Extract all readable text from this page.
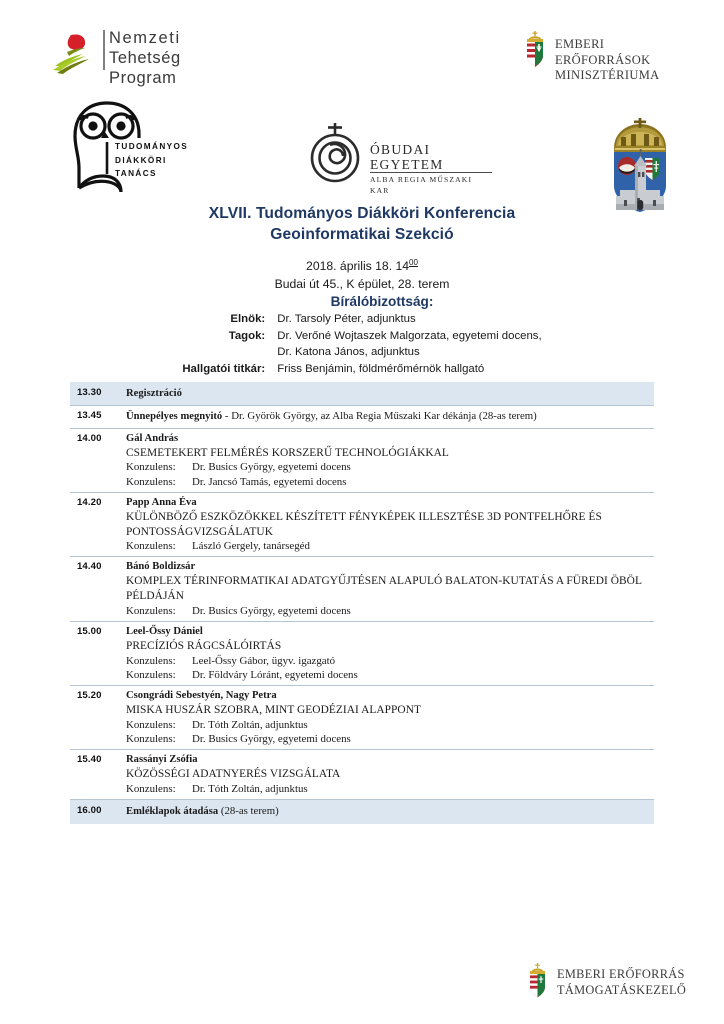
Nemzeti
Tehetség Program
EMBERI ERŐFORRÁSOK
MINISZTÉRIUMA
TUDOMÁNYOS
DIÁKKÖRI
TANÁCS
ÓBUDAI EGYETEM
ALBA REGIA MŰSZAKI KAR
XLVII. Tudományos Diákköri Konferencia
Geoinformatikai Szekció
2018. április 18. $14^{00}$
Budai út 45., K épület, 28. terem
Bírálóbizottság:
Elnök:	Dr. Tarsoly Péter, adjunktus
Tagok:	Dr. Verőné Wojtaszek Malgorzata, egyetemi docens,
	Dr. Katona János, adjunktus
Hallgatói titkár:	Friss Benjámin, földmérőmérnök hallgató
13.30	Regisztráció
13.45	Ünnepélyes megnyitó - Dr. Györök György, az Alba Regia Műszaki Kar dékánja (28-as terem)
14.00	Gál András
CSEMETEKERT FELMÉRÉS KORSZERŰ TECHNOLÓGIÁKKAL
Konzulens:	Dr. Busics György, egyetemi docens
Konzulens:	Dr. Jancsó Tamás, egyetemi docens
14.20	Papp Anna Éva
KÜLÖNBÖZŐ ESZKÖZÖKKEL KÉSZÍTETT FÉNYKÉPEK ILLESZTÉSE 3D PONTFELHŐRE ÉS PONTOSSÁGVIZSGÁLATUK
Konzulens:	László Gergely, tanársegéd
14.40	Bánó Boldizsár
KOMPLEX TÉRINFORMATIKAI ADATGYŰJTÉSEN ALAPULÓ BALATON-KUTATÁS A FÜREDI ÖBÖL PÉLDÁJÁN
Konzulens:	Dr. Busics György, egyetemi docens
15.00	Leel-Őssy Dániel
PRECÍZIÓS RÁGCSÁLÓIRTÁS
Konzulens:	Leel-Őssy Gábor, ügyv. igazgató
Konzulens:	Dr. Földváry Lóránt, egyetemi docens
15.20	Csongrádi Sebestyén, Nagy Petra
MISKA HUSZÁR SZOBRA, MINT GEODÉZIAI ALAPPONT
Konzulens:	Dr. Tóth Zoltán, adjunktus
Konzulens:	Dr. Busics György, egyetemi docens
15.40	Rassányi Zsófia
KÖZÖSSÉGI ADATNYERÉS VIZSGÁLATA
Konzulens:	Dr. Tóth Zoltán, adjunktus
16.00	Emléklapok átadása (28-as terem)
EMBERI ERŐFORRÁS
TÁMOGATÁSKEZELŐ
